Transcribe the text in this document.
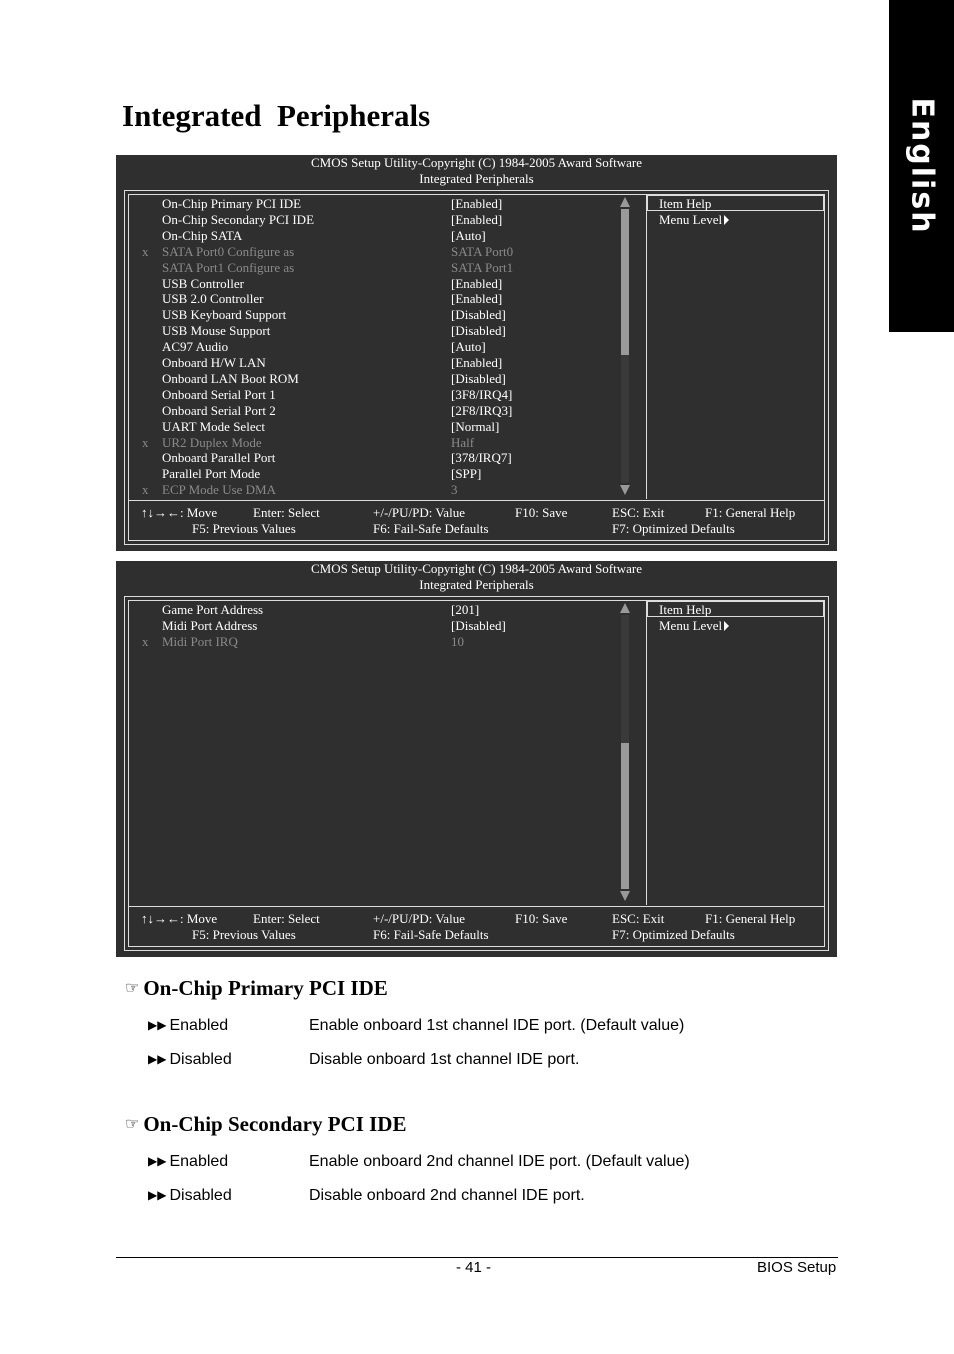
English
Integrated  Peripherals
CMOS Setup Utility-Copyright (C) 1984-2005 Award Software
Integrated Peripherals
On-Chip Primary PCI IDE	[Enabled]
On-Chip Secondary PCI IDE	[Enabled]
On-Chip SATA	[Auto]
x SATA Port0 Configure as	SATA Port0
SATA Port1 Configure as	SATA Port1
USB Controller	[Enabled]
USB 2.0 Controller	[Enabled]
USB Keyboard Support	[Disabled]
USB Mouse Support	[Disabled]
AC97 Audio	[Auto]
Onboard H/W LAN	[Enabled]
Onboard LAN Boot ROM	[Disabled]
Onboard Serial Port 1	[3F8/IRQ4]
Onboard Serial Port 2	[2F8/IRQ3]
UART Mode Select	[Normal]
x UR2 Duplex Mode	Half
Onboard Parallel Port	[378/IRQ7]
Parallel Port Mode	[SPP]
x ECP Mode Use DMA	3
Item Help
Menu Level
↑↓→←: Move	Enter: Select	+/-/PU/PD: Value	F10: Save	ESC: Exit	F1: General Help
F5: Previous Values	F6: Fail-Safe Defaults	F7: Optimized Defaults
CMOS Setup Utility-Copyright (C) 1984-2005 Award Software
Integrated Peripherals
Game Port Address	[201]
Midi Port Address	[Disabled]
x Midi Port IRQ	10
Item Help
Menu Level
↑↓→←: Move	Enter: Select	+/-/PU/PD: Value	F10: Save	ESC: Exit	F1: General Help
F5: Previous Values	F6: Fail-Safe Defaults	F7: Optimized Defaults
☞ On-Chip Primary PCI IDE
▶▶ Enabled	Enable onboard 1st channel IDE port. (Default value)
▶▶ Disabled	Disable onboard 1st channel IDE port.
☞ On-Chip Secondary PCI IDE
▶▶ Enabled	Enable onboard 2nd channel IDE port. (Default value)
▶▶ Disabled	Disable onboard 2nd channel IDE port.
- 41 -	BIOS Setup
